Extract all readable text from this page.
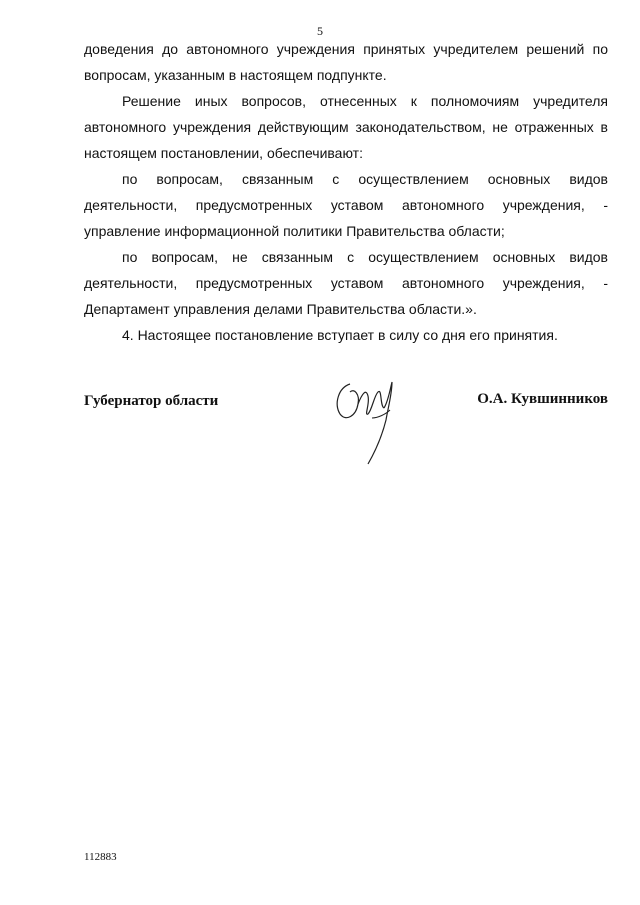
5

доведения до автономного учреждения принятых учредителем решений по вопросам, указанным в настоящем подпункте.

Решение иных вопросов, отнесенных к полномочиям учредителя автономного учреждения действующим законодательством, не отраженных в настоящем постановлении, обеспечивают:

по вопросам, связанным с осуществлением основных видов деятельности, предусмотренных уставом автономного учреждения, - управление информационной политики Правительства области;

по вопросам, не связанным с осуществлением основных видов деятельности, предусмотренных уставом автономного учреждения, - Департамент управления делами Правительства области.».

4. Настоящее постановление вступает в силу со дня его принятия.

Губернатор области	О.А. Кувшинников
112883
